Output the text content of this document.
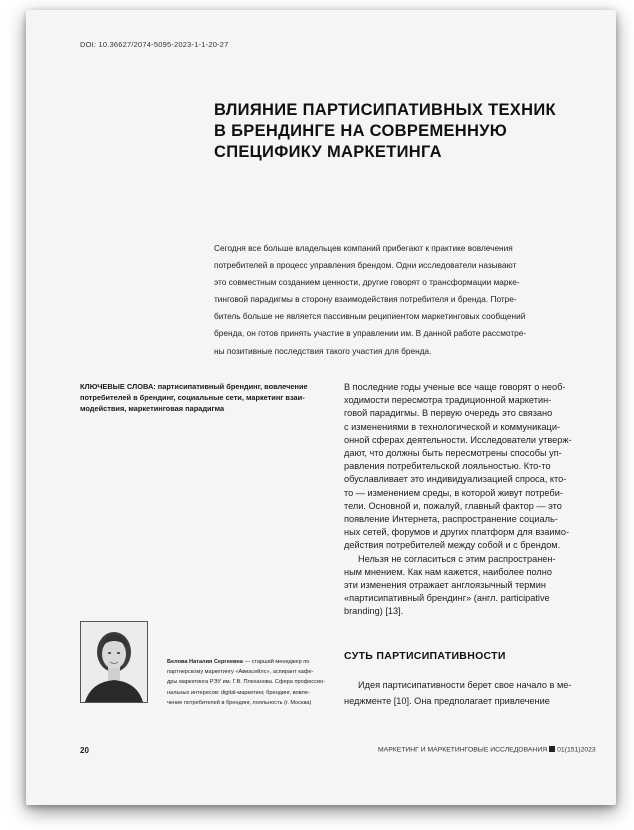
DOI: 10.36627/2074-5095-2023-1-1-20-27
ВЛИЯНИЕ ПАРТИСИПАТИВНЫХ ТЕХНИК
В БРЕНДИНГЕ НА СОВРЕМЕННУЮ
СПЕЦИФИКУ МАРКЕТИНГА
Сегодня все больше владельцев компаний прибегают к практике вовлечения
потребителей в процесс управления брендом. Одни исследователи называют
это совместным созданием ценности, другие говорят о трансформации марке-
тинговой парадигмы в сторону взаимодействия потребителя и бренда. Потре-
битель больше не является пассивным реципиентом маркетинговых сообщений
бренда, он готов принять участие в управлении им. В данной работе рассмотре-
ны позитивные последствия такого участия для бренда.
КЛЮЧЕВЫЕ СЛОВА: партисипативный брендинг, вовлечение
потребителей в брендинг, социальные сети, маркетинг взаи-
модействия, маркетинговая парадигма
В последние годы ученые все чаще говорят о необ-
ходимости пересмотра традиционной маркетин-
говой парадигмы. В первую очередь это связано
с изменениями в технологической и коммуникаци-
онной сферах деятельности. Исследователи утверж-
дают, что должны быть пересмотрены способы уп-
равления потребительской лояльностью. Кто-то
обуславливает это индивидуализацией спроса, кто-
то — изменением среды, в которой живут потреби-
тели. Основной и, пожалуй, главный фактор — это
появление Интернета, распространение социаль-
ных сетей, форумов и других платформ для взаимо-
действия потребителей между собой и с брендом.
Нельзя не согласиться с этим распространен-
ным мнением. Как нам кажется, наиболее полно
эти изменения отражает англоязычный термин
«партисипативный брендинг» (англ. participative
branding) [13].
Белова Наталия Сергеевна — старший менеджер по
партнерскому маркетингу «Авиасейлс», аспирант кафе-
дры маркетинга РЭУ им. Г.В. Плеханова. Сфера профессио-
нальных интересов: digital-маркетинг, брендинг, вовле-
чение потребителей в брендинг, лояльность (г. Москва)
СУТЬ ПАРТИСИПАТИВНОСТИ
Идея партисипативности берет свое начало в ме-
неджменте [10]. Она предполагает привлечение
20	МАРКЕТИНГ И МАРКЕТИНГОВЫЕ ИССЛЕДОВАНИЯ 01(151)2023
